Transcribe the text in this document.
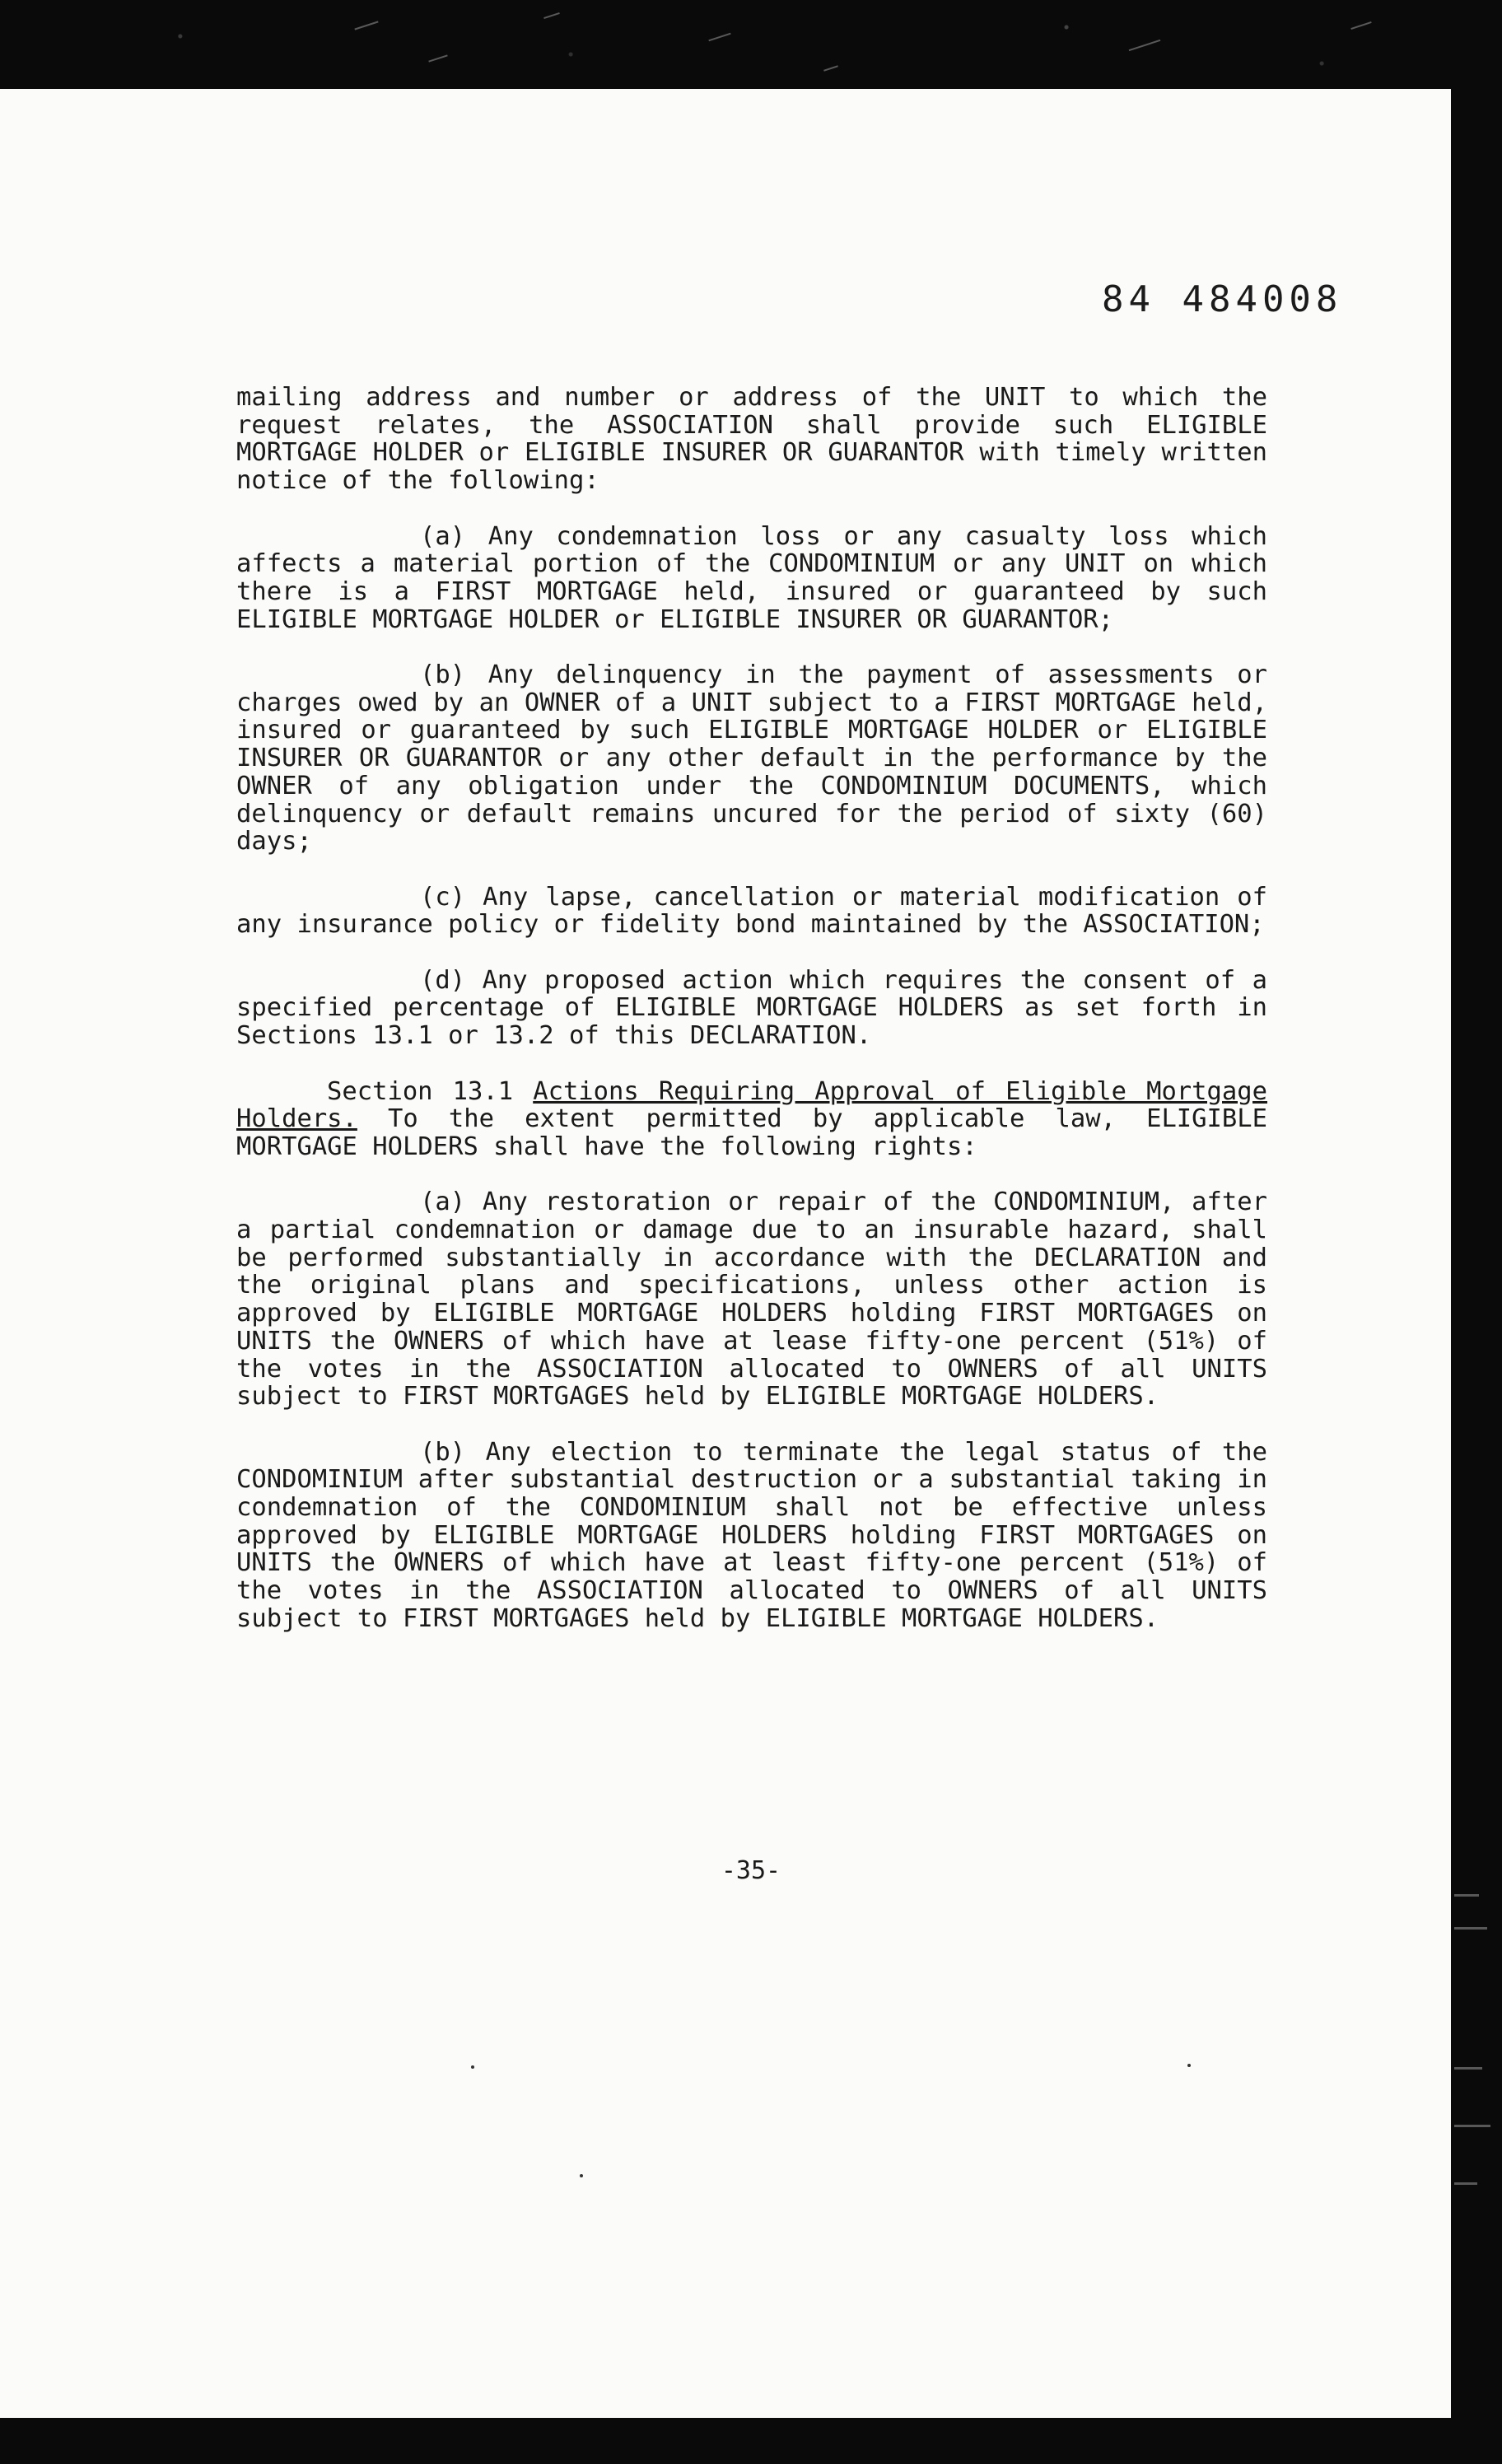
84 484008

mailing address and number or address of the UNIT to which the request relates, the ASSOCIATION shall provide such ELIGIBLE MORTGAGE HOLDER or ELIGIBLE INSURER OR GUARANTOR with timely written notice of the following:

(a) Any condemnation loss or any casualty loss which affects a material portion of the CONDOMINIUM or any UNIT on which there is a FIRST MORTGAGE held, insured or guaranteed by such ELIGIBLE MORTGAGE HOLDER or ELIGIBLE INSURER OR GUARANTOR;

(b) Any delinquency in the payment of assessments or charges owed by an OWNER of a UNIT subject to a FIRST MORTGAGE held, insured or guaranteed by such ELIGIBLE MORTGAGE HOLDER or ELIGIBLE INSURER OR GUARANTOR or any other default in the performance by the OWNER of any obligation under the CONDOMINIUM DOCUMENTS, which delinquency or default remains uncured for the period of sixty (60) days;

(c) Any lapse, cancellation or material modification of any insurance policy or fidelity bond maintained by the ASSOCIATION;

(d) Any proposed action which requires the consent of a specified percentage of ELIGIBLE MORTGAGE HOLDERS as set forth in Sections 13.1 or 13.2 of this DECLARATION.

Section 13.1 Actions Requiring Approval of Eligible Mortgage Holders. To the extent permitted by applicable law, ELIGIBLE MORTGAGE HOLDERS shall have the following rights:

(a) Any restoration or repair of the CONDOMINIUM, after a partial condemnation or damage due to an insurable hazard, shall be performed substantially in accordance with the DECLARATION and the original plans and specifications, unless other action is approved by ELIGIBLE MORTGAGE HOLDERS holding FIRST MORTGAGES on UNITS the OWNERS of which have at lease fifty-one percent (51%) of the votes in the ASSOCIATION allocated to OWNERS of all UNITS subject to FIRST MORTGAGES held by ELIGIBLE MORTGAGE HOLDERS.

(b) Any election to terminate the legal status of the CONDOMINIUM after substantial destruction or a substantial taking in condemnation of the CONDOMINIUM shall not be effective unless approved by ELIGIBLE MORTGAGE HOLDERS holding FIRST MORTGAGES on UNITS the OWNERS of which have at least fifty-one percent (51%) of the votes in the ASSOCIATION allocated to OWNERS of all UNITS subject to FIRST MORTGAGES held by ELIGIBLE MORTGAGE HOLDERS.

-35-
